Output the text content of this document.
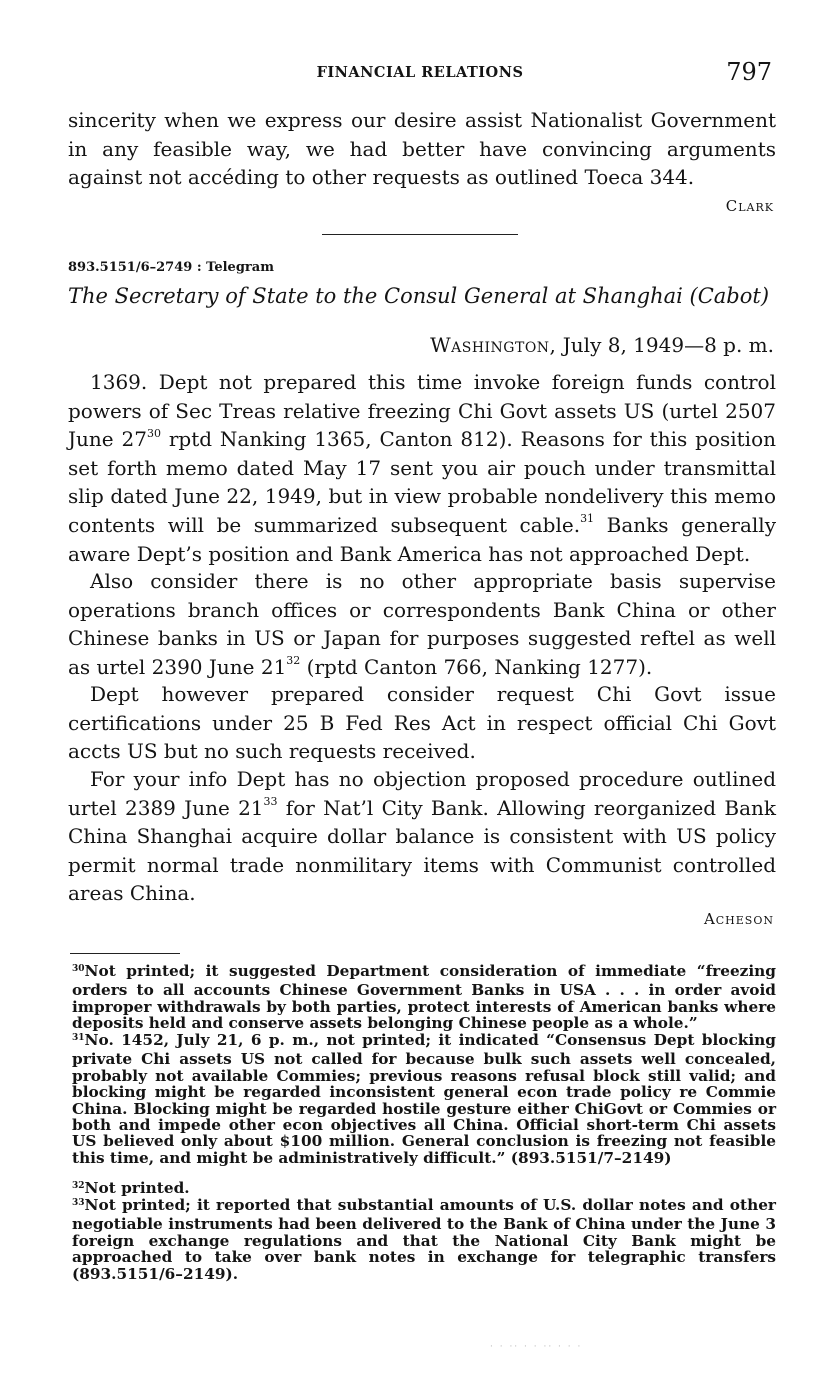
FINANCIAL RELATIONS	797

sincerity when we express our desire assist Nationalist Government in any feasible way, we had better have convincing arguments against not accéding to other requests as outlined Toeca 344.

Clark
893.5151/6–2749 : Telegram
The Secretary of State to the Consul General at Shanghai (Cabot)
Washington, July 8, 1949—8 p. m.

1369. Dept not prepared this time invoke foreign funds control powers of Sec Treas relative freezing Chi Govt assets US (urtel 2507 June $27^{30}$ rptd Nanking 1365, Canton 812). Reasons for this position set forth memo dated May 17 sent you air pouch under transmittal slip dated June 22, 1949, but in view probable nondelivery this memo contents will be summarized subsequent cable.$^{31}$ Banks generally aware Dept’s position and Bank America has not approached Dept.

Also consider there is no other appropriate basis supervise operations branch offices or correspondents Bank China or other Chinese banks in US or Japan for purposes suggested reftel as well as urtel 2390 June $21^{32}$ (rptd Canton 766, Nanking 1277).

Dept however prepared consider request Chi Govt issue certifications under 25 B Fed Res Act in respect official Chi Govt accts US but no such requests received.

For your info Dept has no objection proposed procedure outlined urtel 2389 June $21^{33}$ for Nat’l City Bank. Allowing reorganized Bank China Shanghai acquire dollar balance is consistent with US policy permit normal trade nonmilitary items with Communist controlled areas China.

Acheson

$^{30}$Not printed; it suggested Department consideration of immediate “freezing orders to all accounts Chinese Government Banks in USA . . . in order avoid improper withdrawals by both parties, protect interests of American banks where deposits held and conserve assets belonging Chinese people as a whole.”

$^{31}$No. 1452, July 21, 6 p. m., not printed; it indicated “Consensus Dept blocking private Chi assets US not called for because bulk such assets well concealed, probably not available Commies; previous reasons refusal block still valid; and blocking might be regarded inconsistent general econ trade policy re Commie China. Blocking might be regarded hostile gesture either ChiGovt or Commies or both and impede other econ objectives all China. Official short-term Chi assets US believed only about $100 million. General conclusion is freezing not feasible this time, and might be administratively difficult.” (893.5151/7–2149)

$^{32}$Not printed.

$^{33}$Not printed; it reported that substantial amounts of U.S. dollar notes and other negotiable instruments had been delivered to the Bank of China under the June 3 foreign exchange regulations and that the National City Bank might be approached to take over bank notes in exchange for telegraphic transfers (893.5151/6–2149).

· · ·· · · ·· · · ·
